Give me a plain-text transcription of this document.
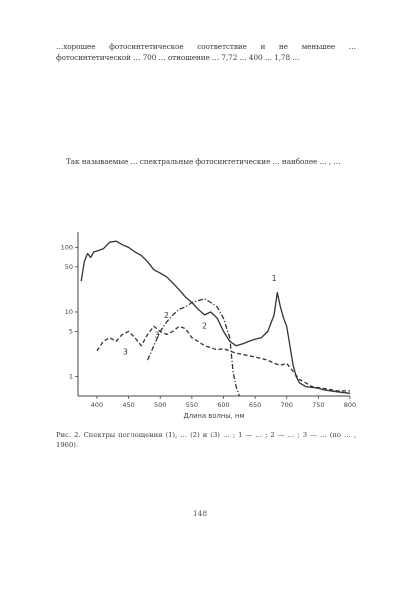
…хорошее фотосинтетическое соответствие и не меньшее … фотосинтетической … 700 … отношение … 7,72 … 400 … 1,78 …

Так называемые … спектральные фотосинтетические … наиболее … , …

400	450	500	550	600	650	700	750	800
100
50
10
5
1
Длина волны, нм
1
2
2
3
3
Рис. 2. Спектры поглощения (1), … (2) и (3) … ; 1 — … ; 2 — … ; 3 — … (по … , 1960).
148
